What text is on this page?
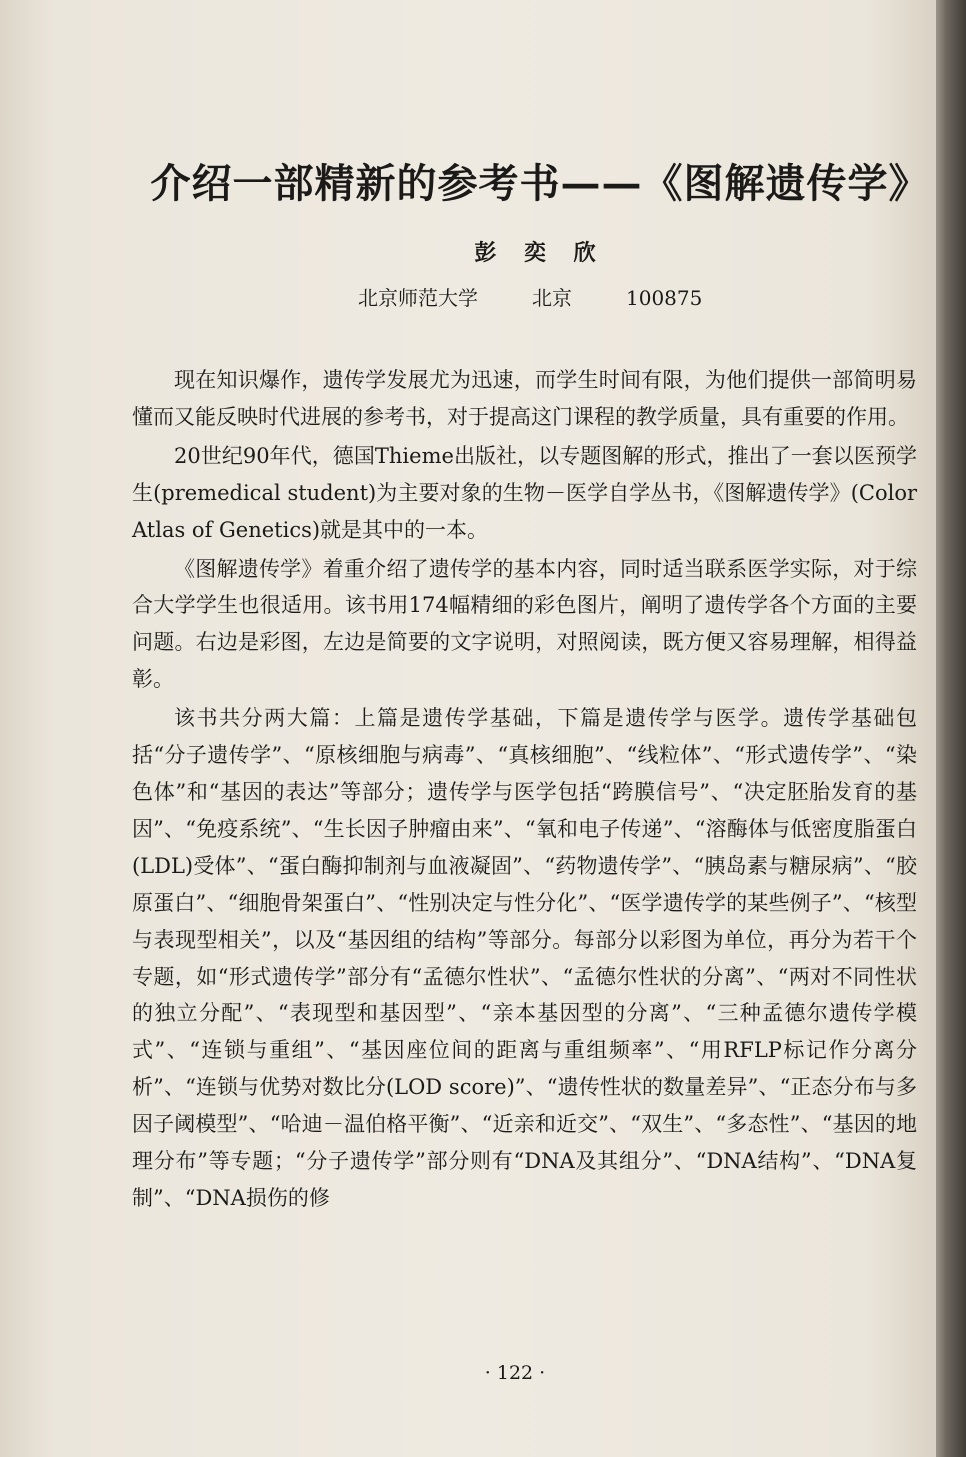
介绍一部精新的参考书——《图解遗传学》
彭 奕 欣
北京师范大学	北京	100875

现在知识爆作，遗传学发展尤为迅速，而学生时间有限，为他们提供一部简明易懂而又能反映时代进展的参考书，对于提高这门课程的教学质量，具有重要的作用。

20世纪90年代，德国Thieme出版社，以专题图解的形式，推出了一套以医预学生(premedical student)为主要对象的生物－医学自学丛书，《图解遗传学》(Color Atlas of Genetics)就是其中的一本。

《图解遗传学》着重介绍了遗传学的基本内容，同时适当联系医学实际，对于综合大学学生也很适用。该书用174幅精细的彩色图片，阐明了遗传学各个方面的主要问题。右边是彩图，左边是简要的文字说明，对照阅读，既方便又容易理解，相得益彰。

该书共分两大篇：上篇是遗传学基础，下篇是遗传学与医学。遗传学基础包括“分子遗传学”、“原核细胞与病毒”、“真核细胞”、“线粒体”、“形式遗传学”、“染色体”和“基因的表达”等部分；遗传学与医学包括“跨膜信号”、“决定胚胎发育的基因”、“免疫系统”、“生长因子肿瘤由来”、“氧和电子传递”、“溶酶体与低密度脂蛋白(LDL)受体”、“蛋白酶抑制剂与血液凝固”、“药物遗传学”、“胰岛素与糖尿病”、“胶原蛋白”、“细胞骨架蛋白”、“性别决定与性分化”、“医学遗传学的某些例子”、“核型与表现型相关”，以及“基因组的结构”等部分。每部分以彩图为单位，再分为若干个专题，如“形式遗传学”部分有“孟德尔性状”、“孟德尔性状的分离”、“两对不同性状的独立分配”、“表现型和基因型”、“亲本基因型的分离”、“三种孟德尔遗传学模式”、“连锁与重组”、“基因座位间的距离与重组频率”、“用RFLP标记作分离分析”、“连锁与优势对数比分(LOD score)”、“遗传性状的数量差异”、“正态分布与多因子阈模型”、“哈迪－温伯格平衡”、“近亲和近交”、“双生”、“多态性”、“基因的地理分布”等专题；“分子遗传学”部分则有“DNA及其组分”、“DNA结构”、“DNA复制”、“DNA损伤的修

· 122 ·
